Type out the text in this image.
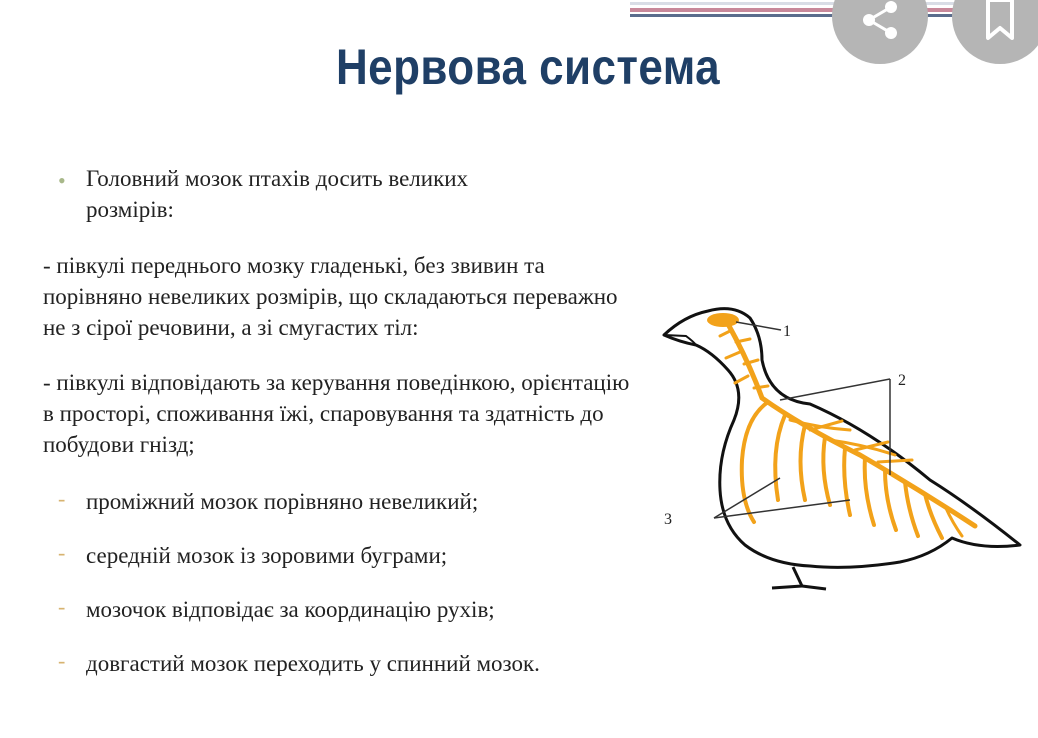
Нервова система
• Головний мозок птахів досить великих розмірів:
- півкулі переднього мозку гладенькі, без звивин та порівняно невеликих розмірів, що складаються переважно не з сірої речовини, а зі смугастих тіл:
- півкулі відповідають за керування поведінкою, орієнтацію в просторі, споживання їжі, спаровування та здатність до побудови гнізд;
- проміжний мозок порівняно невеликий;
- середній мозок із зоровими буграми;
- мозочок відповідає за координацію рухів;
- довгастий мозок переходить у спинний мозок.
1
2
3
